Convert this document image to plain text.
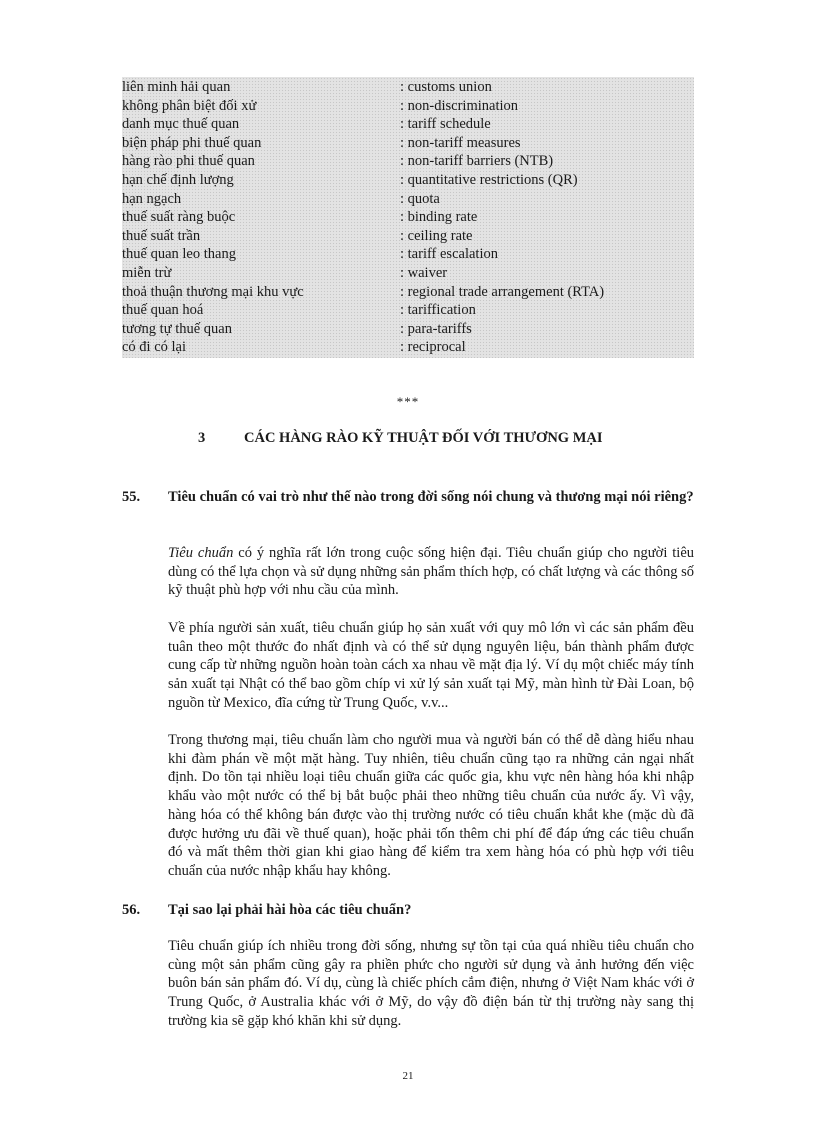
liên minh hải quan	: customs union
không phân biệt đối xử	: non-discrimination
danh mục thuế quan	: tariff schedule
biện pháp phi thuế quan	: non-tariff measures
hàng rào phi thuế quan	: non-tariff barriers (NTB)
hạn chế định lượng	: quantitative restrictions (QR)
hạn ngạch	: quota
thuế suất ràng buộc	: binding rate
thuế suất trần	: ceiling rate
thuế quan leo thang	: tariff escalation
miễn trừ	: waiver
thoả thuận thương mại khu vực	: regional trade arrangement (RTA)
thuế quan hoá	: tariffication
tương tự thuế quan	: para-tariffs
có đi có lại	: reciprocal
***
3	CÁC HÀNG RÀO KỸ THUẬT ĐỐI VỚI THƯƠNG MẠI
55.	Tiêu chuẩn có vai trò như thế nào trong đời sống nói chung và thương mại nói riêng?
Tiêu chuẩn có ý nghĩa rất lớn trong cuộc sống hiện đại. Tiêu chuẩn giúp cho người tiêu dùng có thể lựa chọn và sử dụng những sản phẩm thích hợp, có chất lượng và các thông số kỹ thuật phù hợp với nhu cầu của mình.
Về phía người sản xuất, tiêu chuẩn giúp họ sản xuất với quy mô lớn vì các sản phẩm đều tuân theo một thước đo nhất định và có thể sử dụng nguyên liệu, bán thành phẩm được cung cấp từ những nguồn hoàn toàn cách xa nhau về mặt địa lý. Ví dụ một chiếc máy tính sản xuất tại Nhật có thể bao gồm chíp vi xử lý sản xuất tại Mỹ, màn hình từ Đài Loan, bộ nguồn từ Mexico, đĩa cứng từ Trung Quốc, v.v...
Trong thương mại, tiêu chuẩn làm cho người mua và người bán có thể dễ dàng hiểu nhau khi đàm phán về một mặt hàng. Tuy nhiên, tiêu chuẩn cũng tạo ra những cản ngại nhất định. Do tồn tại nhiều loại tiêu chuẩn giữa các quốc gia, khu vực nên hàng hóa khi nhập khẩu vào một nước có thể bị bắt buộc phải theo những tiêu chuẩn của nước ấy. Vì vậy, hàng hóa có thể không bán được vào thị trường nước có tiêu chuẩn khắt khe (mặc dù đã được hưởng ưu đãi về thuế quan), hoặc phải tốn thêm chi phí để đáp ứng các tiêu chuẩn đó và mất thêm thời gian khi giao hàng để kiểm tra xem hàng hóa có phù hợp với tiêu chuẩn của nước nhập khẩu hay không.
56.	Tại sao lại phải hài hòa các tiêu chuẩn?
Tiêu chuẩn giúp ích nhiều trong đời sống, nhưng sự tồn tại của quá nhiều tiêu chuẩn cho cùng một sản phẩm cũng gây ra phiền phức cho người sử dụng và ảnh hưởng đến việc buôn bán sản phẩm đó. Ví dụ, cùng là chiếc phích cắm điện, nhưng ở Việt Nam khác với ở Trung Quốc, ở Australia khác với ở Mỹ, do vậy đồ điện bán từ thị trường này sang thị trường kia sẽ gặp khó khăn khi sử dụng.
21
